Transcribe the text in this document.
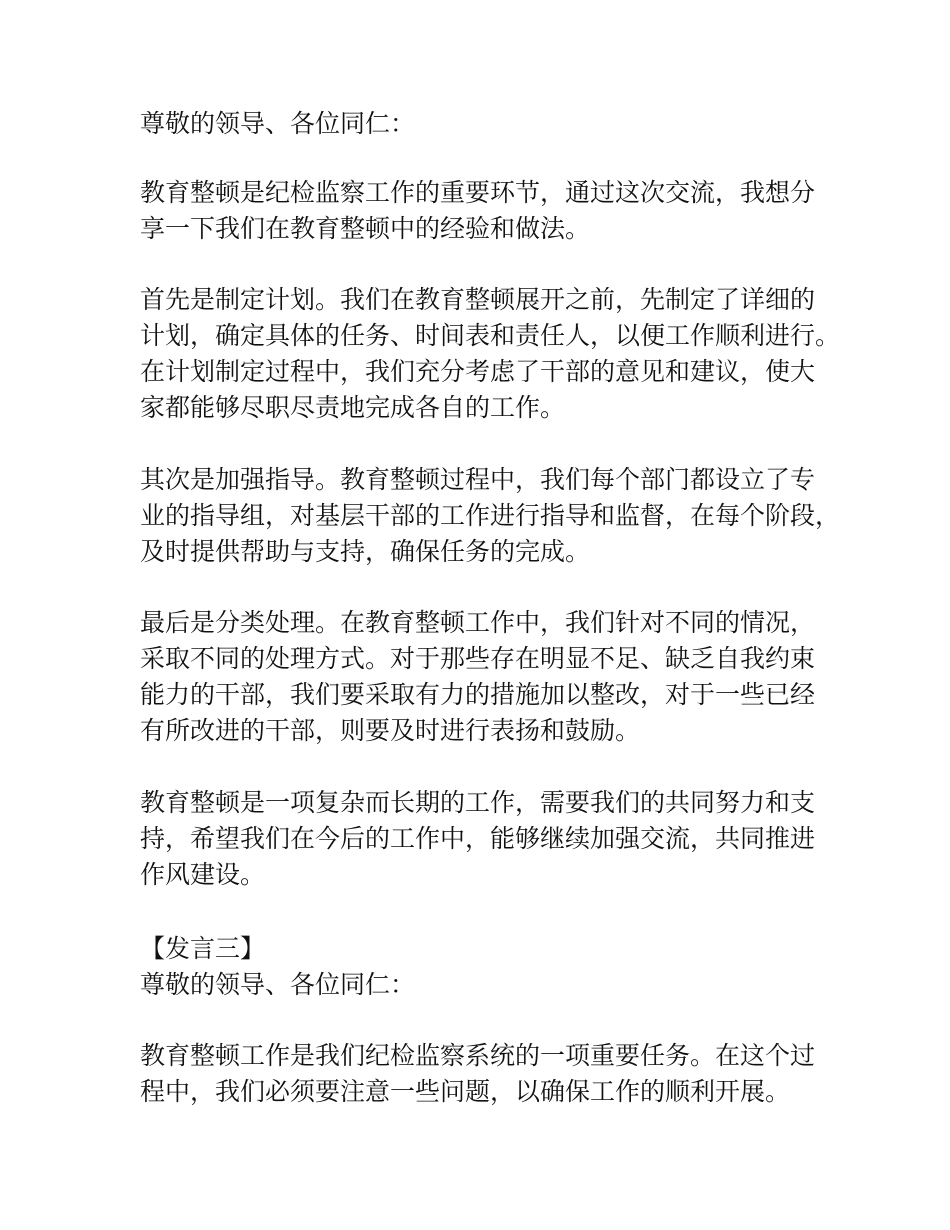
尊敬的领导、各位同仁：
教育整顿是纪检监察工作的重要环节，通过这次交流，我想分
享一下我们在教育整顿中的经验和做法。
首先是制定计划。我们在教育整顿展开之前，先制定了详细的
计划，确定具体的任务、时间表和责任人，以便工作顺利进行。
在计划制定过程中，我们充分考虑了干部的意见和建议，使大
家都能够尽职尽责地完成各自的工作。
其次是加强指导。教育整顿过程中，我们每个部门都设立了专
业的指导组，对基层干部的工作进行指导和监督，在每个阶段，
及时提供帮助与支持，确保任务的完成。
最后是分类处理。在教育整顿工作中，我们针对不同的情况，
采取不同的处理方式。对于那些存在明显不足、缺乏自我约束
能力的干部，我们要采取有力的措施加以整改，对于一些已经
有所改进的干部，则要及时进行表扬和鼓励。
教育整顿是一项复杂而长期的工作，需要我们的共同努力和支
持，希望我们在今后的工作中，能够继续加强交流，共同推进
作风建设。
【发言三】
尊敬的领导、各位同仁：
教育整顿工作是我们纪检监察系统的一项重要任务。在这个过
程中，我们必须要注意一些问题，以确保工作的顺利开展。
